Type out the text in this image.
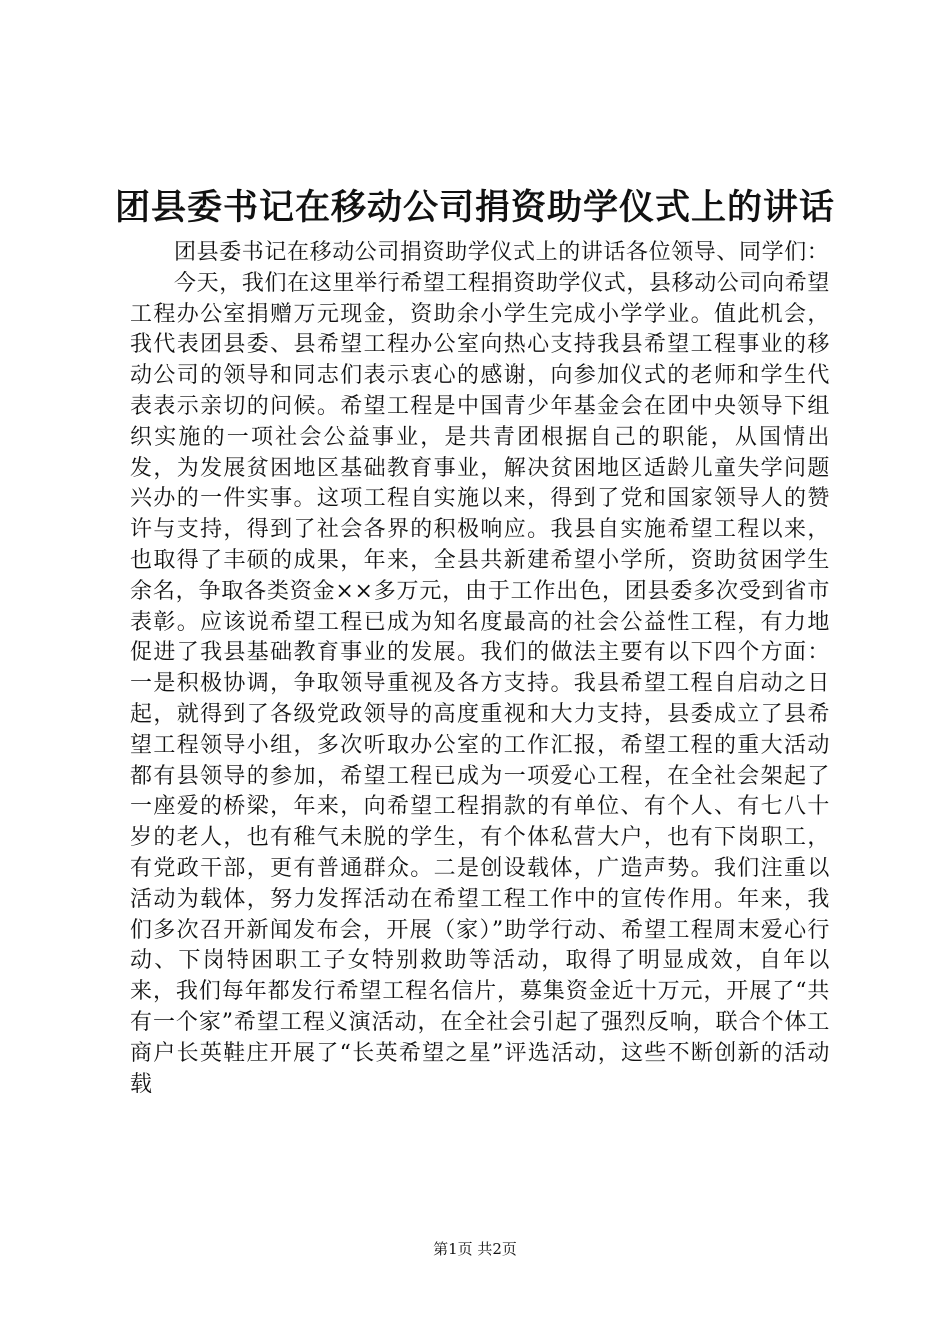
团县委书记在移动公司捐资助学仪式上的讲话

团县委书记在移动公司捐资助学仪式上的讲话各位领导、同学们：

今天，我们在这里举行希望工程捐资助学仪式，县移动公司向希望工程办公室捐赠万元现金，资助余小学生完成小学学业。值此机会，我代表团县委、县希望工程办公室向热心支持我县希望工程事业的移动公司的领导和同志们表示衷心的感谢，向参加仪式的老师和学生代表表示亲切的问候。希望工程是中国青少年基金会在团中央领导下组织实施的一项社会公益事业，是共青团根据自己的职能，从国情出发，为发展贫困地区基础教育事业，解决贫困地区适龄儿童失学问题兴办的一件实事。这项工程自实施以来，得到了党和国家领导人的赞许与支持，得到了社会各界的积极响应。我县自实施希望工程以来，也取得了丰硕的成果，年来，全县共新建希望小学所，资助贫困学生余名，争取各类资金××多万元，由于工作出色，团县委多次受到省市表彰。应该说希望工程已成为知名度最高的社会公益性工程，有力地促进了我县基础教育事业的发展。我们的做法主要有以下四个方面：一是积极协调，争取领导重视及各方支持。我县希望工程自启动之日起，就得到了各级党政领导的高度重视和大力支持，县委成立了县希望工程领导小组，多次听取办公室的工作汇报，希望工程的重大活动都有县领导的参加，希望工程已成为一项爱心工程，在全社会架起了一座爱的桥梁，年来，向希望工程捐款的有单位、有个人、有七八十岁的老人，也有稚气未脱的学生，有个体私营大户，也有下岗职工，有党政干部，更有普通群众。二是创设载体，广造声势。我们注重以活动为载体，努力发挥活动在希望工程工作中的宣传作用。年来，我们多次召开新闻发布会，开展（家）”助学行动、希望工程周末爱心行动、下岗特困职工子女特别救助等活动，取得了明显成效，自年以来，我们每年都发行希望工程名信片，募集资金近十万元，开展了“共有一个家”希望工程义演活动，在全社会引起了强烈反响，联合个体工商户长英鞋庄开展了“长英希望之星”评选活动，这些不断创新的活动载

第1页 共2页
